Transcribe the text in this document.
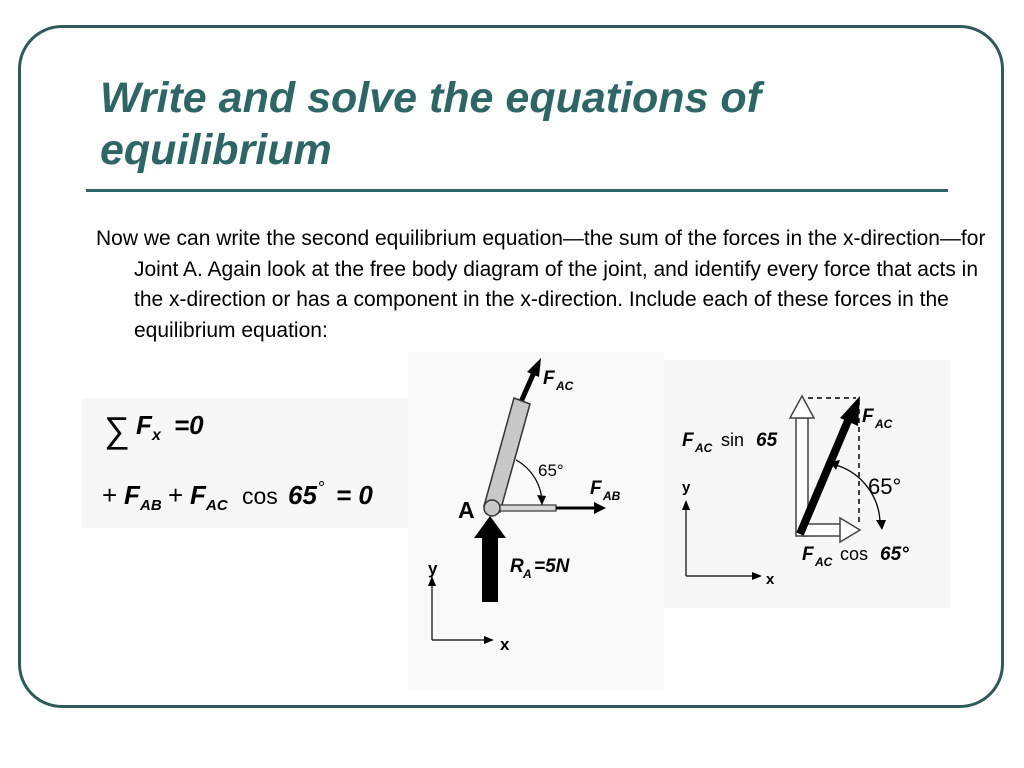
Write and solve the equations of equilibrium
Now we can write the second equilibrium equation—the sum of the forces in the x-direction—for Joint A. Again look at the free body diagram of the joint, and identify every force that acts in the x-direction or has a component in the x-direction. Include each of these forces in the equilibrium equation:
∑ F x =0
+ F AB + F AC cos 65 ° = 0
F AC
F AB
65°
A
R A =5N
y
x
F AC
65°
F AC sin 65
F AC cos 65°
y
x
